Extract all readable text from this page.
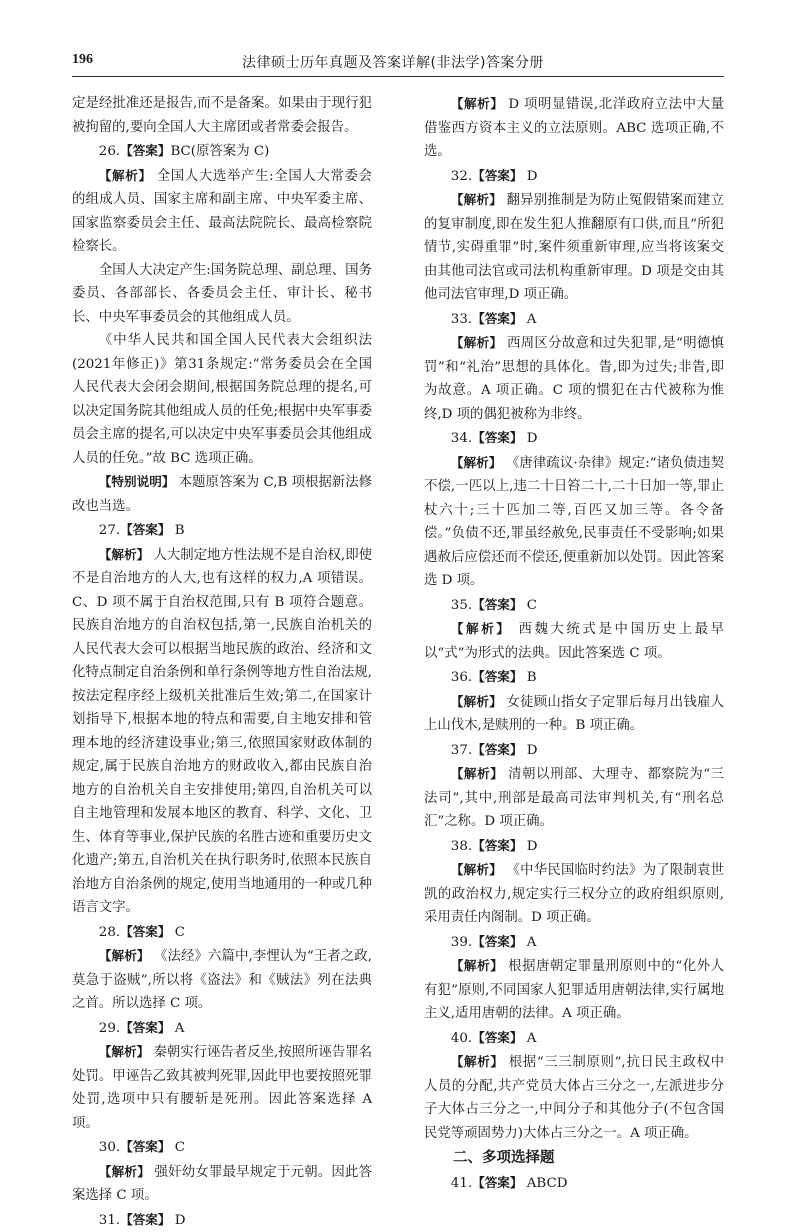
196	法律硕士历年真题及答案详解(非法学)答案分册

定是经批准还是报告,而不是备案。如果由于现行犯被拘留的,要向全国人大主席团或者常委会报告。

26.【答案】BC(原答案为 C)

【解析】 全国人大选举产生:全国人大常委会的组成人员、国家主席和副主席、中央军委主席、国家监察委员会主任、最高法院院长、最高检察院检察长。

全国人大决定产生:国务院总理、副总理、国务委员、各部部长、各委员会主任、审计长、秘书长、中央军事委员会的其他组成人员。

《中华人民共和国全国人民代表大会组织法(2021年修正)》第31条规定:“常务委员会在全国人民代表大会闭会期间,根据国务院总理的提名,可以决定国务院其他组成人员的任免;根据中央军事委员会主席的提名,可以决定中央军事委员会其他组成人员的任免。”故 BC 选项正确。

【特别说明】 本题原答案为 C,B 项根据新法修改也当选。

27.【答案】 B

【解析】 人大制定地方性法规不是自治权,即使不是自治地方的人大,也有这样的权力,A 项错误。C、D 项不属于自治权范围,只有 B 项符合题意。民族自治地方的自治权包括,第一,民族自治机关的人民代表大会可以根据当地民族的政治、经济和文化特点制定自治条例和单行条例等地方性自治法规,按法定程序经上级机关批准后生效;第二,在国家计划指导下,根据本地的特点和需要,自主地安排和管理本地的经济建设事业;第三,依照国家财政体制的规定,属于民族自治地方的财政收入,都由民族自治地方的自治机关自主安排使用;第四,自治机关可以自主地管理和发展本地区的教育、科学、文化、卫生、体育等事业,保护民族的名胜古迹和重要历史文化遗产;第五,自治机关在执行职务时,依照本民族自治地方自治条例的规定,使用当地通用的一种或几种语言文字。

28.【答案】 C

【解析】 《法经》六篇中,李悝认为“王者之政,莫急于盗贼”,所以将《盗法》和《贼法》列在法典之首。所以选择 C 项。

29.【答案】 A

【解析】 秦朝实行诬告者反坐,按照所诬告罪名处罚。甲诬告乙致其被判死罪,因此甲也要按照死罪处罚,选项中只有腰斩是死刑。因此答案选择 A 项。

30.【答案】 C

【解析】 强奸幼女罪最早规定于元朝。因此答案选择 C 项。

31.【答案】 D

【解析】 D 项明显错误,北洋政府立法中大量借鉴西方资本主义的立法原则。ABC 选项正确,不选。

32.【答案】 D

【解析】 翻异别推制是为防止冤假错案而建立的复审制度,即在发生犯人推翻原有口供,而且“所犯情节,实碍重罪”时,案件须重新审理,应当将该案交由其他司法官或司法机构重新审理。D 项是交由其他司法官审理,D 项正确。

33.【答案】 A

【解析】 西周区分故意和过失犯罪,是“明德慎罚”和“礼治”思想的具体化。眚,即为过失;非眚,即为故意。A 项正确。C 项的惯犯在古代被称为惟终,D 项的偶犯被称为非终。

34.【答案】 D

【解析】 《唐律疏议·杂律》规定:“诸负债违契不偿,一匹以上,违二十日笞二十,二十日加一等,罪止杖六十;三十匹加二等,百匹又加三等。各令备偿。”负债不还,罪虽经赦免,民事责任不受影响;如果遇赦后应偿还而不偿还,便重新加以处罚。因此答案选 D 项。

35.【答案】 C

【解析】 西魏大统式是中国历史上最早以“式”为形式的法典。因此答案选 C 项。

36.【答案】 B

【解析】 女徒顾山指女子定罪后每月出钱雇人上山伐木,是赎刑的一种。B 项正确。

37.【答案】 D

【解析】 清朝以刑部、大理寺、都察院为“三法司”,其中,刑部是最高司法审判机关,有“刑名总汇”之称。D 项正确。

38.【答案】 D

【解析】 《中华民国临时约法》为了限制袁世凯的政治权力,规定实行三权分立的政府组织原则,采用责任内阁制。D 项正确。

39.【答案】 A

【解析】 根据唐朝定罪量刑原则中的“化外人有犯”原则,不同国家人犯罪适用唐朝法律,实行属地主义,适用唐朝的法律。A 项正确。

40.【答案】 A

【解析】 根据“三三制原则”,抗日民主政权中人员的分配,共产党员大体占三分之一,左派进步分子大体占三分之一,中间分子和其他分子(不包含国民党等顽固势力)大体占三分之一。A 项正确。

二、多项选择题

41.【答案】 ABCD
